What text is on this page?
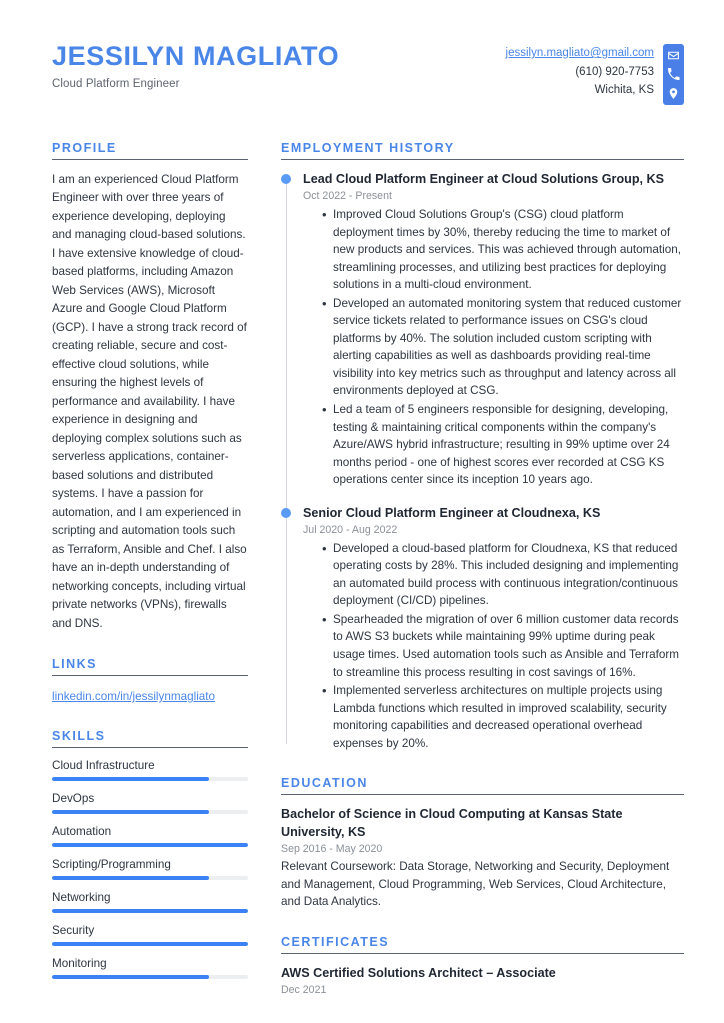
JESSILYN MAGLIATO
Cloud Platform Engineer
jessilyn.magliato@gmail.com
(610) 920-7753
Wichita, KS
PROFILE
I am an experienced Cloud Platform Engineer with over three years of experience developing, deploying and managing cloud-based solutions. I have extensive knowledge of cloud-based platforms, including Amazon Web Services (AWS), Microsoft Azure and Google Cloud Platform (GCP). I have a strong track record of creating reliable, secure and cost-effective cloud solutions, while ensuring the highest levels of performance and availability. I have experience in designing and deploying complex solutions such as serverless applications, container-based solutions and distributed systems. I have a passion for automation, and I am experienced in scripting and automation tools such as Terraform, Ansible and Chef. I also have an in-depth understanding of networking concepts, including virtual private networks (VPNs), firewalls and DNS.
LINKS
linkedin.com/in/jessilynmagliato
SKILLS
Cloud Infrastructure
DevOps
Automation
Scripting/Programming
Networking
Security
Monitoring
EMPLOYMENT HISTORY
Lead Cloud Platform Engineer at Cloud Solutions Group, KS
Oct 2022 - Present
• Improved Cloud Solutions Group's (CSG) cloud platform deployment times by 30%, thereby reducing the time to market of new products and services. This was achieved through automation, streamlining processes, and utilizing best practices for deploying solutions in a multi-cloud environment.
• Developed an automated monitoring system that reduced customer service tickets related to performance issues on CSG's cloud platforms by 40%. The solution included custom scripting with alerting capabilities as well as dashboards providing real-time visibility into key metrics such as throughput and latency across all environments deployed at CSG.
• Led a team of 5 engineers responsible for designing, developing, testing & maintaining critical components within the company's Azure/AWS hybrid infrastructure; resulting in 99% uptime over 24 months period - one of highest scores ever recorded at CSG KS operations center since its inception 10 years ago.
Senior Cloud Platform Engineer at Cloudnexa, KS
Jul 2020 - Aug 2022
• Developed a cloud-based platform for Cloudnexa, KS that reduced operating costs by 28%. This included designing and implementing an automated build process with continuous integration/continuous deployment (CI/CD) pipelines.
• Spearheaded the migration of over 6 million customer data records to AWS S3 buckets while maintaining 99% uptime during peak usage times. Used automation tools such as Ansible and Terraform to streamline this process resulting in cost savings of 16%.
• Implemented serverless architectures on multiple projects using Lambda functions which resulted in improved scalability, security monitoring capabilities and decreased operational overhead expenses by 20%.
EDUCATION
Bachelor of Science in Cloud Computing at Kansas State University, KS
Sep 2016 - May 2020
Relevant Coursework: Data Storage, Networking and Security, Deployment and Management, Cloud Programming, Web Services, Cloud Architecture, and Data Analytics.
CERTIFICATES
AWS Certified Solutions Architect – Associate
Dec 2021
